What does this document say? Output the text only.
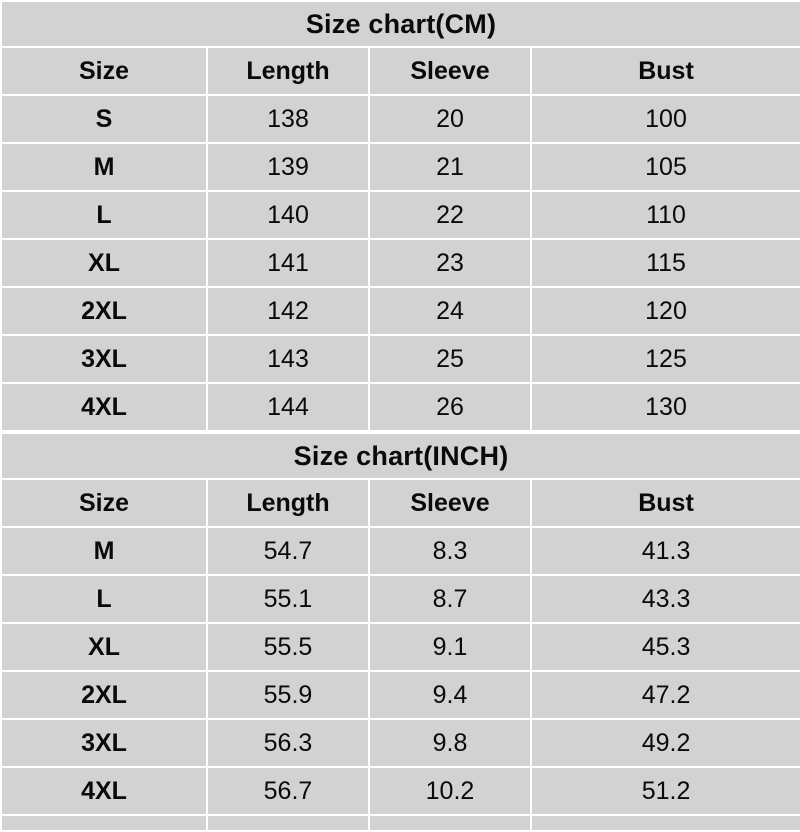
Size chart(CM)			
Size	Length	Sleeve	Bust
S	138	20	100
M	139	21	105
L	140	22	110
XL	141	23	115
2XL	142	24	120
3XL	143	25	125
4XL	144	26	130
Size chart(INCH)			
Size	Length	Sleeve	Bust
M	54.7	8.3	41.3
L	55.1	8.7	43.3
XL	55.5	9.1	45.3
2XL	55.9	9.4	47.2
3XL	56.3	9.8	49.2
4XL	56.7	10.2	51.2
